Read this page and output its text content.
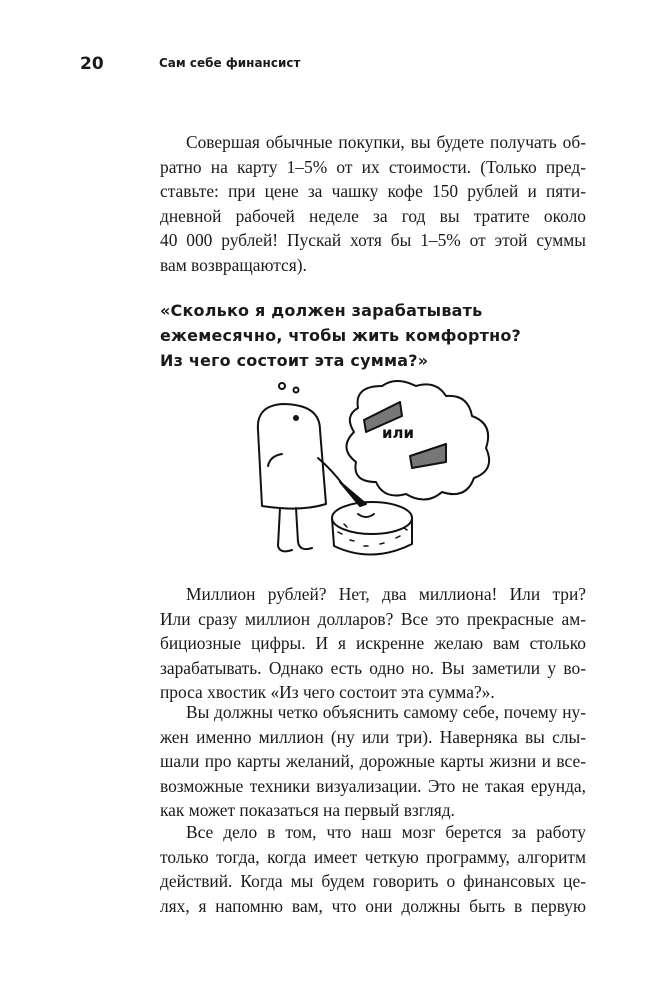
20	Сам себе финансист

Совершая обычные покупки, вы будете получать об-
ратно на карту 1–5% от их стоимости. (Только пред-
ставьте: при цене за чашку кофе 150 рублей и пяти-
дневной рабочей неделе за год вы тратите около
40 000 рублей! Пускай хотя бы 1–5% от этой суммы
вам возвращаются).

«Сколько я должен зарабатывать
ежемесячно, чтобы жить комфортно?
Из чего состоит эта сумма?»
или

Миллион рублей? Нет, два миллиона! Или три?
Или сразу миллион долларов? Все это прекрасные ам-
бициозные цифры. И я искренне желаю вам столько
зарабатывать. Однако есть одно но. Вы заметили у во-
проса хвостик «Из чего состоит эта сумма?».

Вы должны четко объяснить самому себе, почему ну-
жен именно миллион (ну или три). Наверняка вы слы-
шали про карты желаний, дорожные карты жизни и все-
возможные техники визуализации. Это не такая ерунда,
как может показаться на первый взгляд.

Все дело в том, что наш мозг берется за работу
только тогда, когда имеет четкую программу, алгоритм
действий. Когда мы будем говорить о финансовых це-
лях, я напомню вам, что они должны быть в первую
